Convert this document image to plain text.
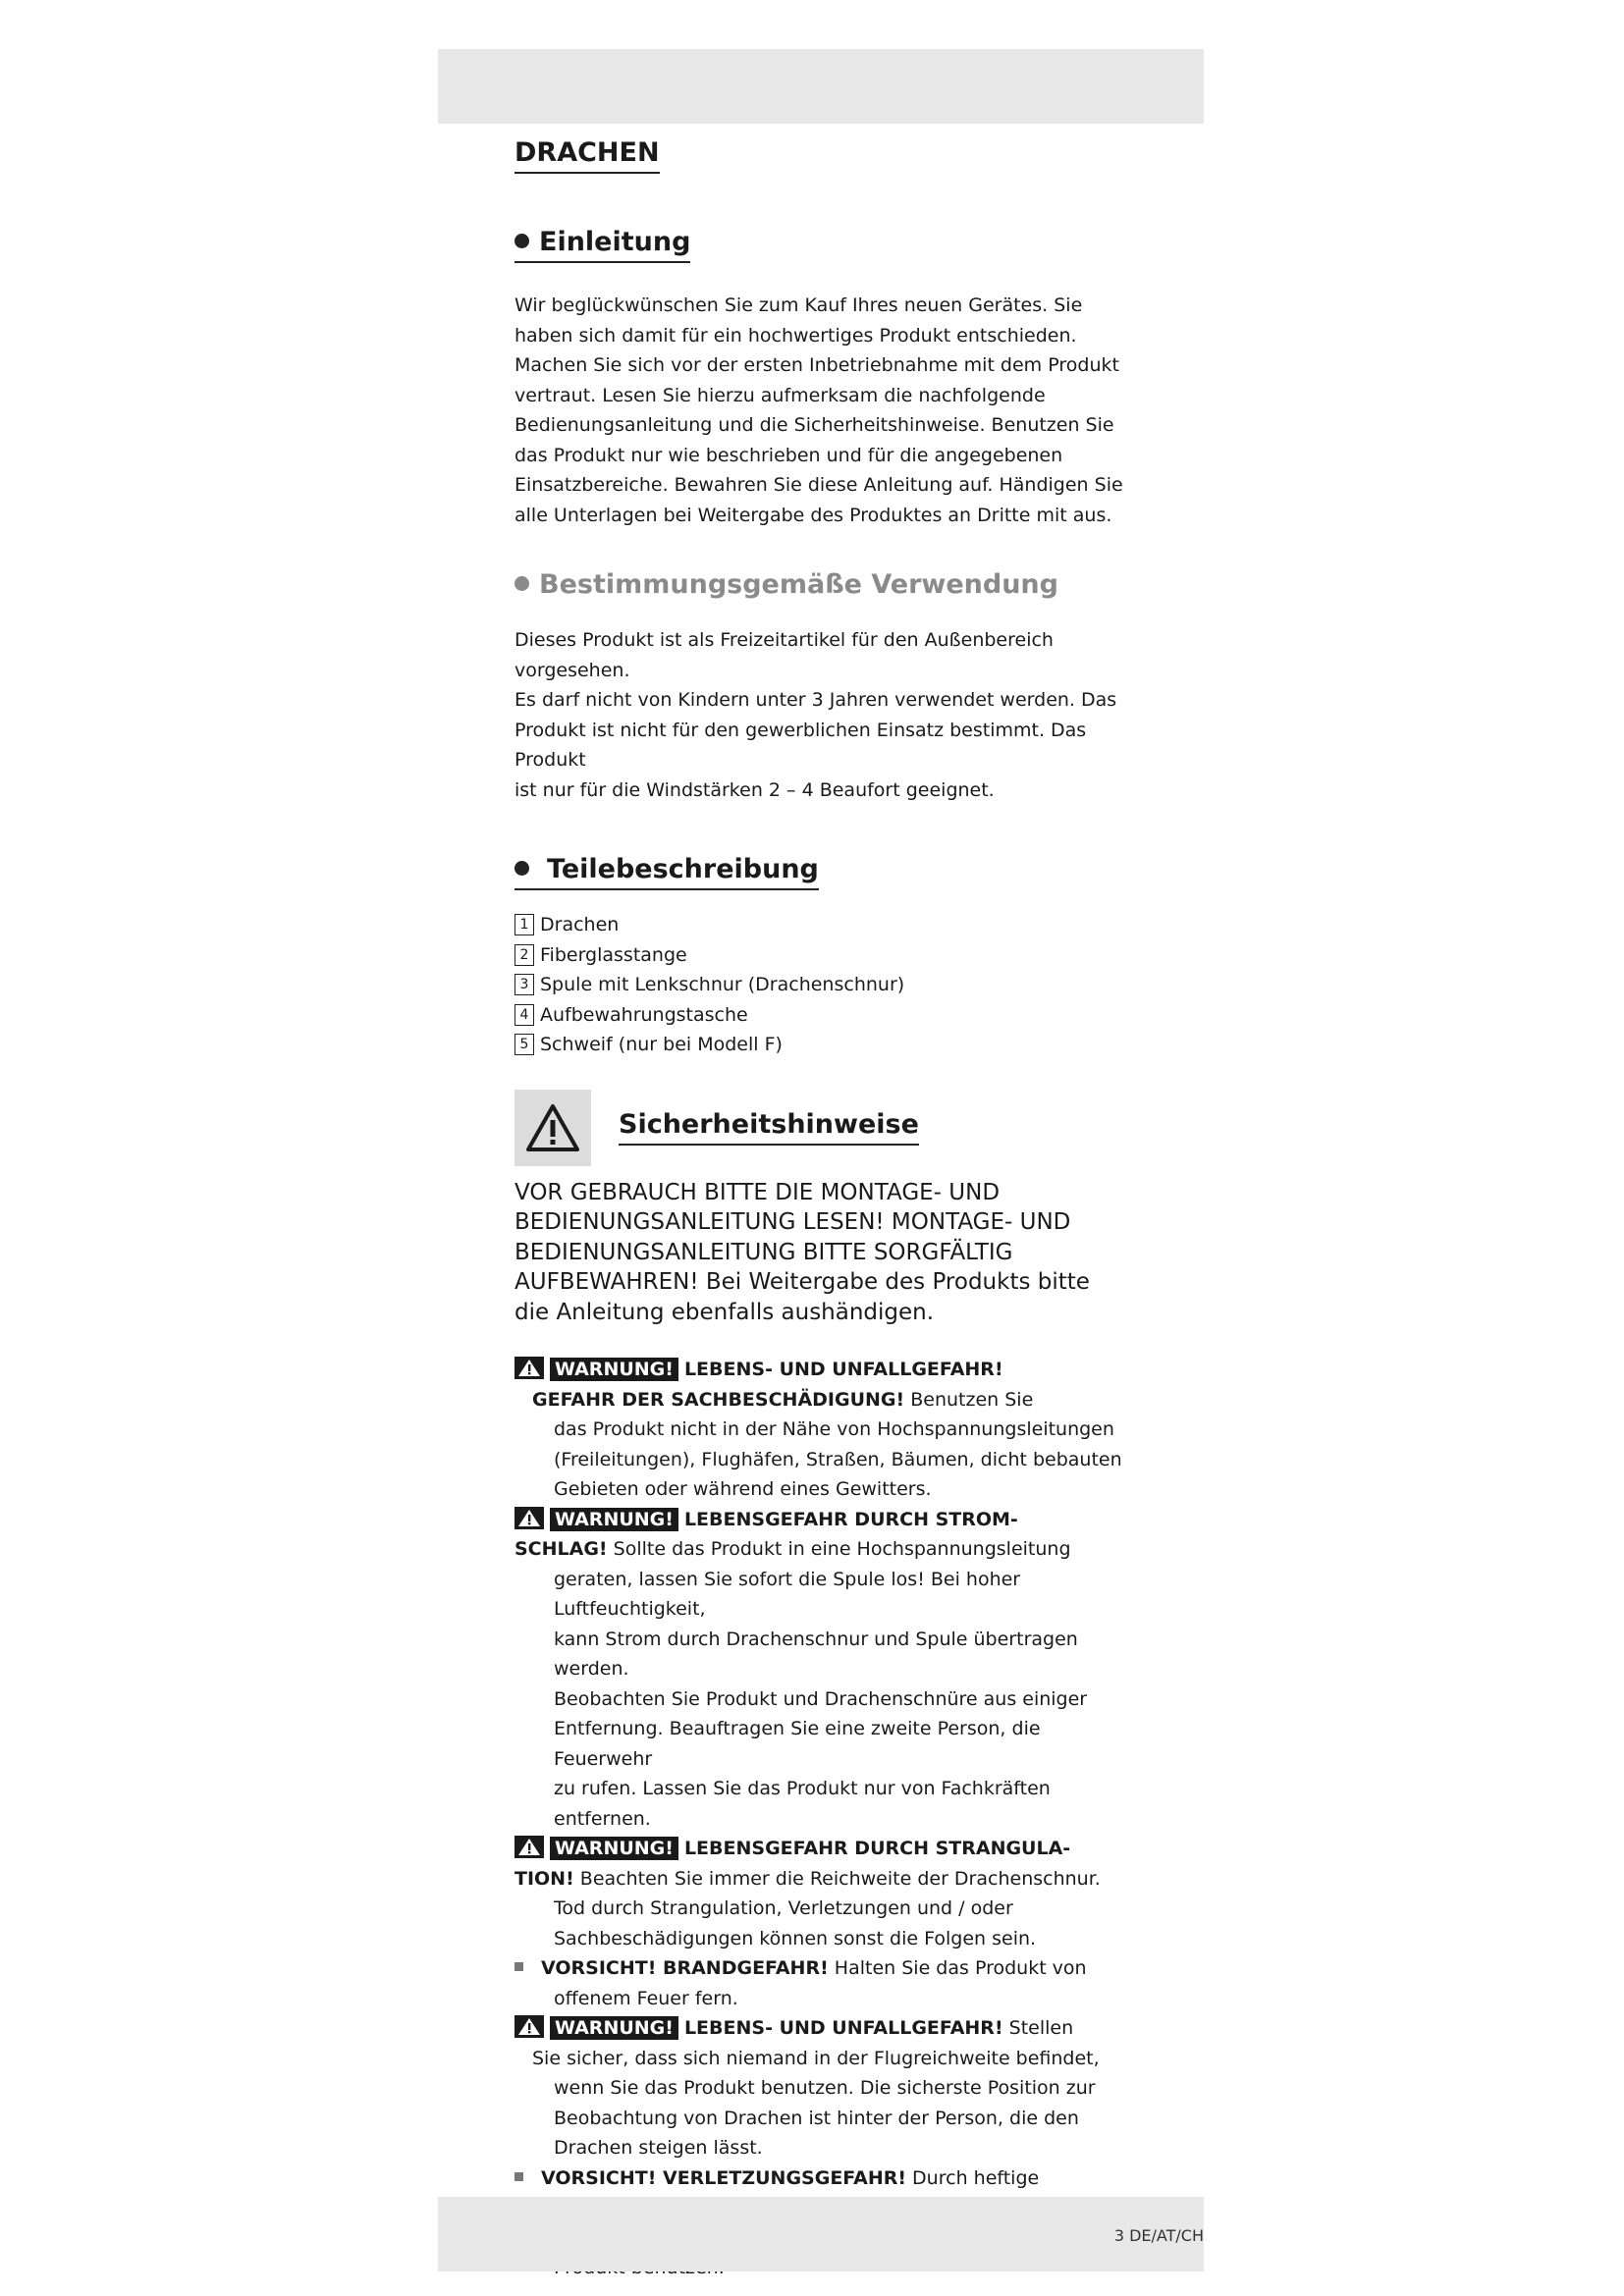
DRACHEN
Einleitung

Wir beglückwünschen Sie zum Kauf Ihres neuen Gerätes. Sie
haben sich damit für ein hochwertiges Produkt entschieden.
Machen Sie sich vor der ersten Inbetriebnahme mit dem Produkt
vertraut. Lesen Sie hierzu aufmerksam die nachfolgende
Bedienungsanleitung und die Sicherheitshinweise. Benutzen Sie
das Produkt nur wie beschrieben und für die angegebenen
Einsatzbereiche. Bewahren Sie diese Anleitung auf. Händigen Sie
alle Unterlagen bei Weitergabe des Produktes an Dritte mit aus.

Bestimmungsgemäße Verwendung

Dieses Produkt ist als Freizeitartikel für den Außenbereich vorgesehen.
Es darf nicht von Kindern unter 3 Jahren verwendet werden. Das
Produkt ist nicht für den gewerblichen Einsatz bestimmt. Das Produkt
ist nur für die Windstärken 2 – 4 Beaufort geeignet.

Teilebeschreibung
1 Drachen
2 Fiberglasstange
3 Spule mit Lenkschnur (Drachenschnur)
4 Aufbewahrungstasche
5 Schweif (nur bei Modell F)
Sicherheitshinweise

VOR GEBRAUCH BITTE DIE MONTAGE- UND
BEDIENUNGSANLEITUNG LESEN! MONTAGE- UND
BEDIENUNGSANLEITUNG BITTE SORGFÄLTIG
AUFBEWAHREN! Bei Weitergabe des Produkts bitte
die Anleitung ebenfalls aushändigen.

WARNUNG! LEBENS- UND UNFALLGEFAHR!
GEFAHR DER SACHBESCHÄDIGUNG! Benutzen Sie
das Produkt nicht in der Nähe von Hochspannungsleitungen
(Freileitungen), Flughäfen, Straßen, Bäumen, dicht bebauten
Gebieten oder während eines Gewitters.
WARNUNG! LEBENSGEFAHR DURCH STROM-
SCHLAG! Sollte das Produkt in eine Hochspannungsleitung
geraten, lassen Sie sofort die Spule los! Bei hoher Luftfeuchtigkeit,
kann Strom durch Drachenschnur und Spule übertragen werden.
Beobachten Sie Produkt und Drachenschnüre aus einiger
Entfernung. Beauftragen Sie eine zweite Person, die Feuerwehr
zu rufen. Lassen Sie das Produkt nur von Fachkräften entfernen.
WARNUNG! LEBENSGEFAHR DURCH STRANGULA-
TION! Beachten Sie immer die Reichweite der Drachenschnur.
Tod durch Strangulation, Verletzungen und / oder
Sachbeschädigungen können sonst die Folgen sein.
VORSICHT! BRANDGEFAHR! Halten Sie das Produkt von
offenem Feuer fern.
WARNUNG! LEBENS- UND UNFALLGEFAHR! Stellen
Sie sicher, dass sich niemand in der Flugreichweite befindet,
wenn Sie das Produkt benutzen. Die sicherste Position zur
Beobachtung von Drachen ist hinter der Person, die den
Drachen steigen lässt.
VORSICHT! VERLETZUNGSGEFAHR! Durch heftige
3 DE/AT/CH
